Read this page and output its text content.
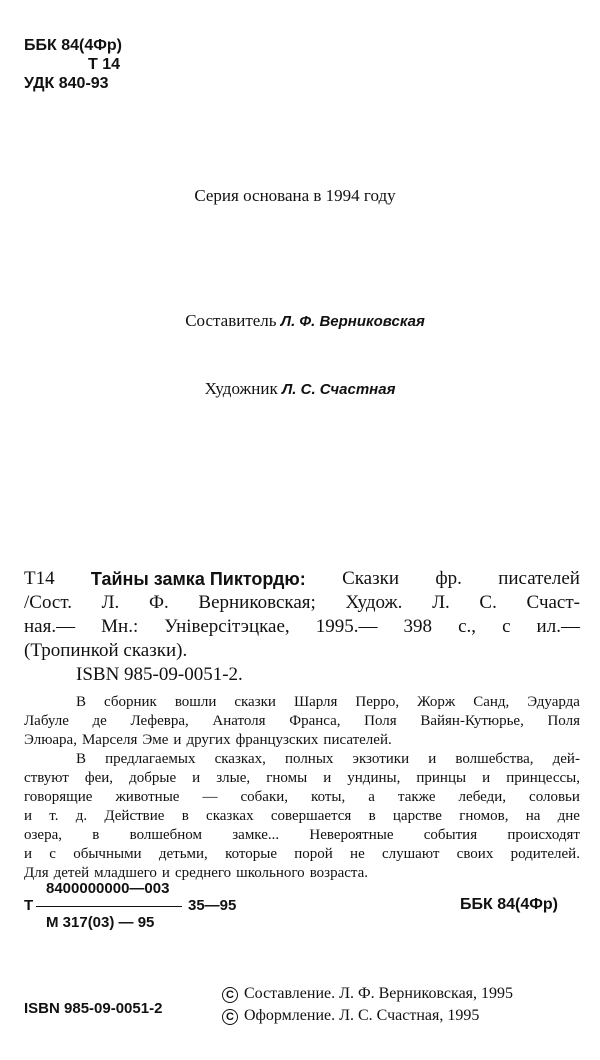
ББК 84(4Фр)
Т 14
УДК 840-93
Серия основана в 1994 году
Составитель Л. Ф. Верниковская
Художник Л. С. Счастная
Т14 Тайны замка Пиктордю: Сказки фр. писателей
/Сост. Л. Ф. Верниковская; Худож. Л. С. Счаст-
ная.— Мн.: Універсітэцкае, 1995.— 398 с., с ил.—
(Тропинкой сказки).
ISBN 985-09-0051-2.
В сборник вошли сказки Шарля Перро, Жорж Санд, Эдуарда
Лабуле де Лефевра, Анатоля Франса, Поля Вайян-Кутюрье, Поля
Элюара, Марселя Эме и других французских писателей.
В предлагаемых сказках, полных экзотики и волшебства, дей-
ствуют феи, добрые и злые, гномы и ундины, принцы и принцессы,
говорящие животные — собаки, коты, а также лебеди, соловьи
и т. д. Действие в сказках совершается в царстве гномов, на дне
озера, в волшебном замке... Невероятные события происходят
и с обычными детьми, которые порой не слушают своих родителей.
Для детей младшего и среднего школьного возраста.
8400000000—003
Т	35—95
М 317(03) — 95
ББК 84(4Фр)
ISBN 985-09-0051-2
С Составление. Л. Ф. Верниковская, 1995
С Оформление. Л. С. Счастная, 1995
